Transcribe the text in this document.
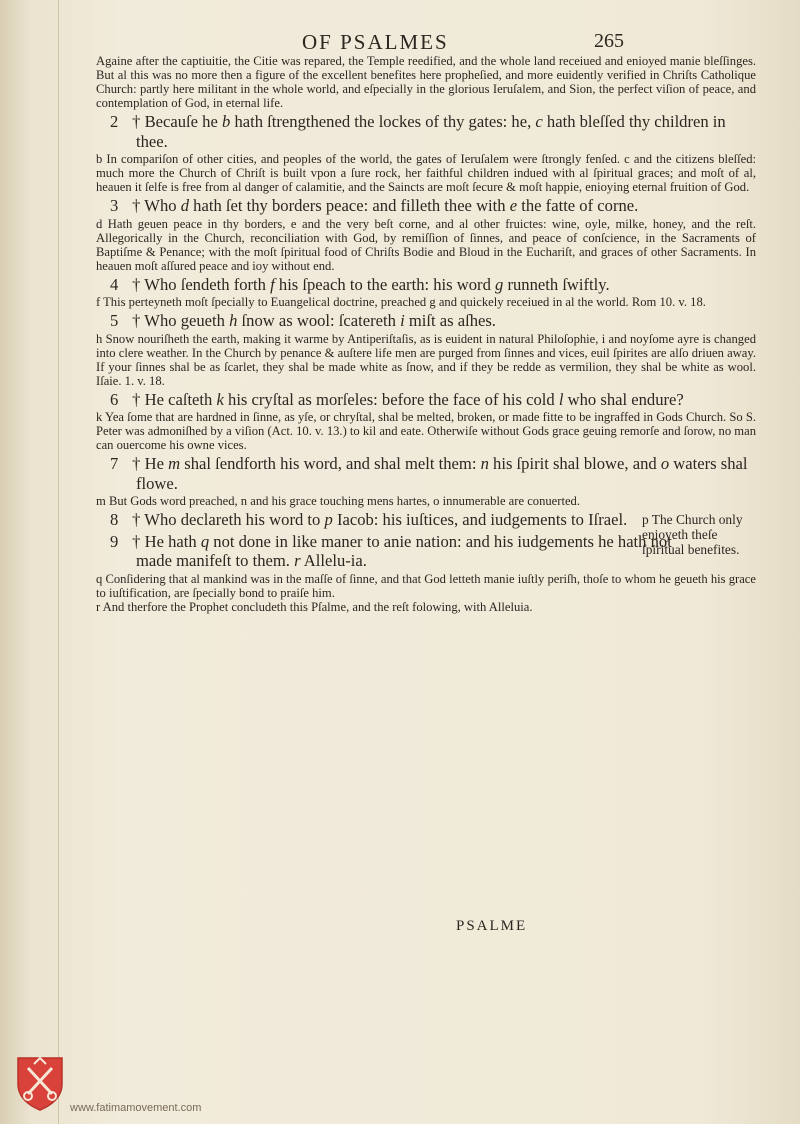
OF PSALMES	265

Againe after the captiuitie, the Citie was repared, the Temple reedified, and the whole land receiued and enioyed manie bleſſinges. But al this was no more then a figure of the excellent benefites here propheſied, and more euidently verified in Chriſts Catholique Church: partly here militant in the whole world, and eſpecially in the glorious Ieruſalem, and Sion, the perfect viſion of peace, and contemplation of God, in eternal life.

2 † Becauſe he b hath ſtrengthened the lockes of thy gates: he, c hath bleſſed thy children in thee.

b In compariſon of other cities, and peoples of the world, the gates of Ieruſalem were ſtrongly fenſed. c and the citizens bleſſed: much more the Church of Chriſt is built vpon a ſure rock, her faithful children indued with al ſpiritual graces; and moſt of al, heauen it ſelfe is free from al danger of calamitie, and the Saincts are moſt ſecure & moſt happie, enioying eternal fruition of God.

3 † Who d hath ſet thy borders peace: and filleth thee with e the fatte of corne.

d Hath geuen peace in thy borders, e and the very beſt corne, and al other fruictes: wine, oyle, milke, honey, and the reſt. Allegorically in the Church, reconciliation with God, by remiſſion of ſinnes, and peace of conſcience, in the Sacraments of Baptiſme & Penance; with the moſt ſpiritual food of Chriſts Bodie and Bloud in the Euchariſt, and graces of other Sacraments. In heauen moſt aſſured peace and ioy without end.

4 † Who ſendeth forth f his ſpeach to the earth: his word g runneth ſwiftly.

f This perteyneth moſt ſpecially to Euangelical doctrine, preached g and quickely receiued in al the world. Rom 10. v. 18.

5 † Who geueth h ſnow as wool: ſcatereth i miſt as aſhes.

h Snow nouriſheth the earth, making it warme by Antiperiſtaſis, as is euident in natural Philoſophie, i and noyſome ayre is changed into clere weather. In the Church by penance & auſtere life men are purged from ſinnes and vices, euil ſpirites are alſo driuen away. If your ſinnes shal be as ſcarlet, they shal be made white as ſnow, and if they be redde as vermilion, they shal be white as wool. Iſaie. 1. v. 18.

6 † He caſteth k his cryſtal as morſeles: before the face of his cold l who shal endure?

k Yea ſome that are hardned in ſinne, as yſe, or chryſtal, shal be melted, broken, or made fitte to be ingraffed in Gods Church. So S. Peter was admoniſhed by a viſion (Act. 10. v. 13.) to kil and eate. Otherwiſe without Gods grace geuing remorſe and ſorow, no man can ouercome his owne vices.

7 † He m shal ſendforth his word, and shal melt them: n his ſpirit shal blowe, and o waters shal flowe.

m But Gods word preached, n and his grace touching mens hartes, o innumerable are conuerted.

8 † Who declareth his word to p Iacob: his iuſtices, and iudgements to Iſrael.

9 † He hath q not done in like maner to anie nation: and his iudgements he hath not made manifeſt to them. r Allelu-ia.

p The Church only enioyeth theſe ſpiritual benefites.

q Conſidering that al mankind was in the maſſe of ſinne, and that God letteth manie iuſtly periſh, thoſe to whom he geueth his grace to iuſtification, are ſpecially bond to praiſe him.

r And therfore the Prophet concludeth this Pſalme, and the reſt folowing, with Alleluia.

PSALME
www.fatimamovement.com
